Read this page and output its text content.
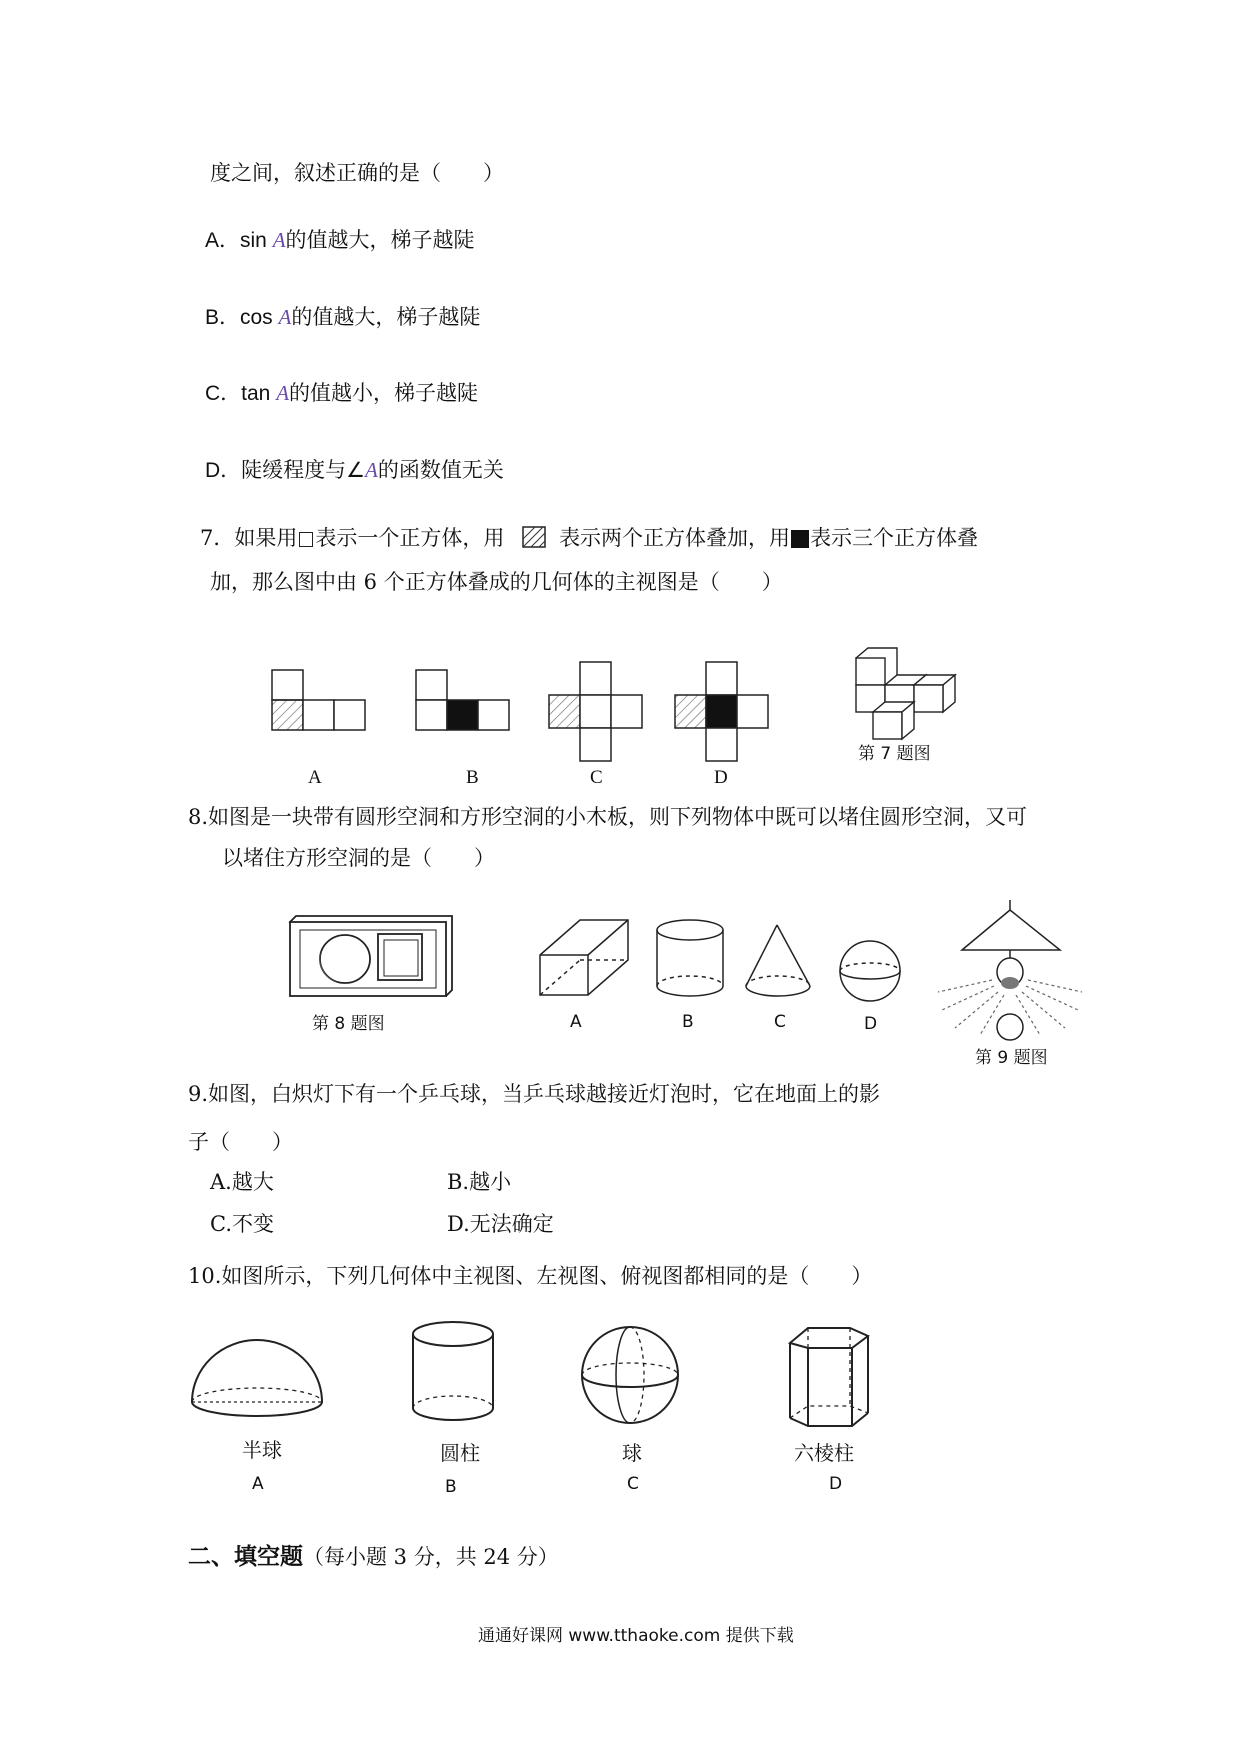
度之间，叙述正确的是（　　）
A．sin A的值越大，梯子越陡
B．cos A的值越大，梯子越陡
C．tan A的值越小，梯子越陡
D．陡缓程度与∠A的函数值无关
7．如果用 表示一个正方体，用	表示两个正方体叠加，用 表示三个正方体叠
加，那么图中由 6 个正方体叠成的几何体的主视图是（　　）
A	B	C	D
第 7 题图
8.如图是一块带有圆形空洞和方形空洞的小木板，则下列物体中既可以堵住圆形空洞，又可
以堵住方形空洞的是（　　）
第 8 题图	A	B	C	D
第 9 题图
9.如图，白炽灯下有一个乒乓球，当乒乓球越接近灯泡时，它在地面上的影
子（　　）
A.越大	B.越小
C.不变	D.无法确定
10.如图所示，下列几何体中主视图、左视图、俯视图都相同的是（　　）
半球	圆柱	球	六棱柱
A	B	C	D
二、填空题（每小题 3 分，共 24 分）
通通好课网 www.tthaoke.com 提供下载
